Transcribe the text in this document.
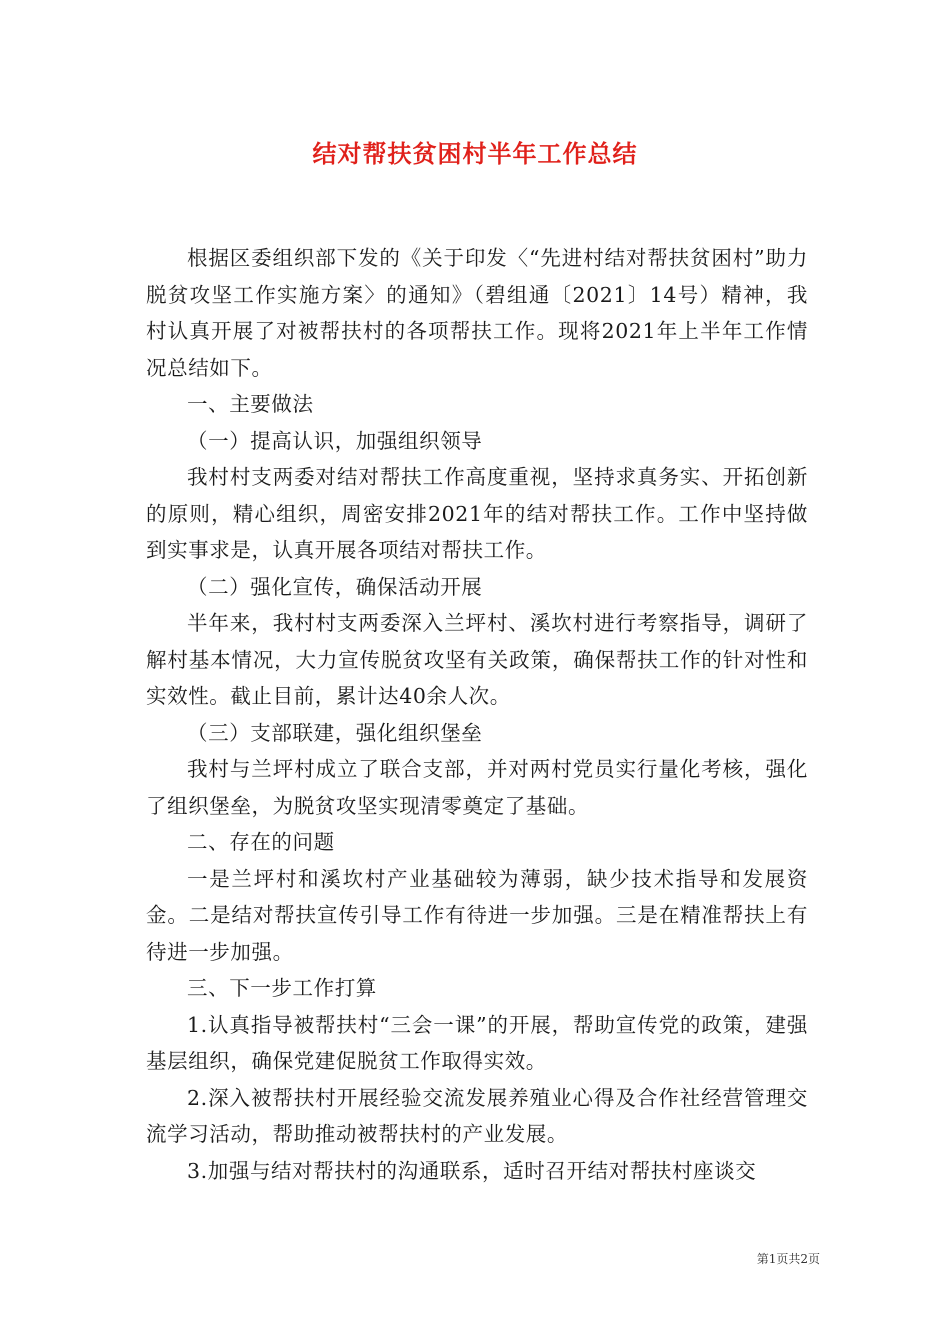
结对帮扶贫困村半年工作总结

根据区委组织部下发的《关于印发〈“先进村结对帮扶贫困村”助力脱贫攻坚工作实施方案〉的通知》（碧组通〔2021〕14号）精神，我村认真开展了对被帮扶村的各项帮扶工作。现将2021年上半年工作情况总结如下。

一、主要做法

（一）提高认识，加强组织领导

我村村支两委对结对帮扶工作高度重视，坚持求真务实、开拓创新的原则，精心组织，周密安排2021年的结对帮扶工作。工作中坚持做到实事求是，认真开展各项结对帮扶工作。

（二）强化宣传，确保活动开展

半年来，我村村支两委深入兰坪村、溪坎村进行考察指导，调研了解村基本情况，大力宣传脱贫攻坚有关政策，确保帮扶工作的针对性和实效性。截止目前，累计达40余人次。

（三）支部联建，强化组织堡垒

我村与兰坪村成立了联合支部，并对两村党员实行量化考核，强化了组织堡垒，为脱贫攻坚实现清零奠定了基础。

二、存在的问题

一是兰坪村和溪坎村产业基础较为薄弱，缺少技术指导和发展资金。二是结对帮扶宣传引导工作有待进一步加强。三是在精准帮扶上有待进一步加强。

三、下一步工作打算

1.认真指导被帮扶村“三会一课”的开展，帮助宣传党的政策，建强基层组织，确保党建促脱贫工作取得实效。

2.深入被帮扶村开展经验交流发展养殖业心得及合作社经营管理交流学习活动，帮助推动被帮扶村的产业发展。

3.加强与结对帮扶村的沟通联系，适时召开结对帮扶村座谈交

第1页共2页
